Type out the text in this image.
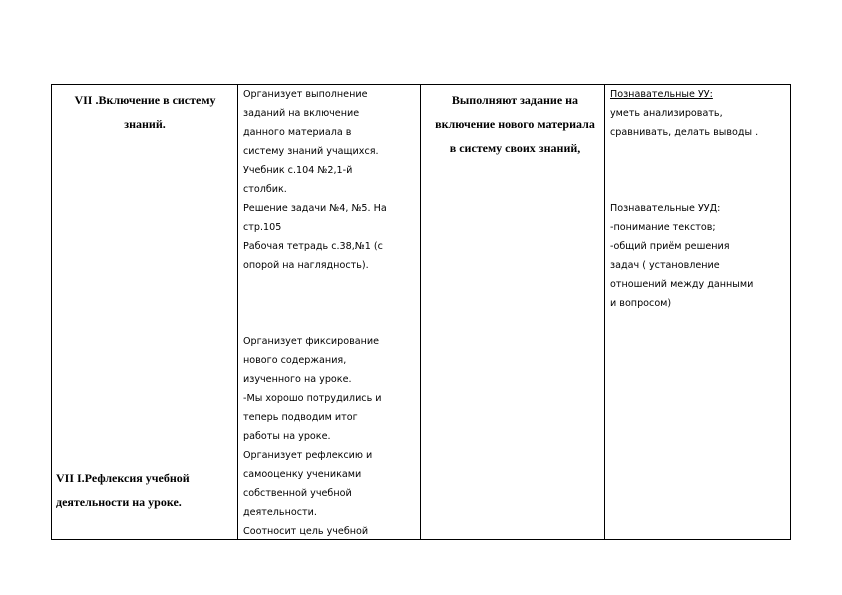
VII .Включение в систему
знаний.
VII I.Рефлексия учебной
деятельности на уроке.
Организует выполнение
заданий на включение
данного материала в
систему знаний учащихся.
Учебник с.104 №2,1-й
столбик.
Решение задачи №4, №5. На
стр.105
Рабочая тетрадь с.38,№1 (с
опорой на наглядность).
Организует фиксирование
нового содержания,
изученного на уроке.
-Мы хорошо потрудились и
теперь подводим итог
работы на уроке.
Организует рефлексию и
самооценку учениками
собственной учебной
деятельности.
Соотносит цель учебной
Выполняют задание на
включение нового материала
в систему своих знаний,
Познавательные УУ:
уметь анализировать,
сравнивать, делать выводы .
Познавательные УУД:
-понимание текстов;
-общий приём решения
задач ( установление
отношений между данными
и вопросом)
